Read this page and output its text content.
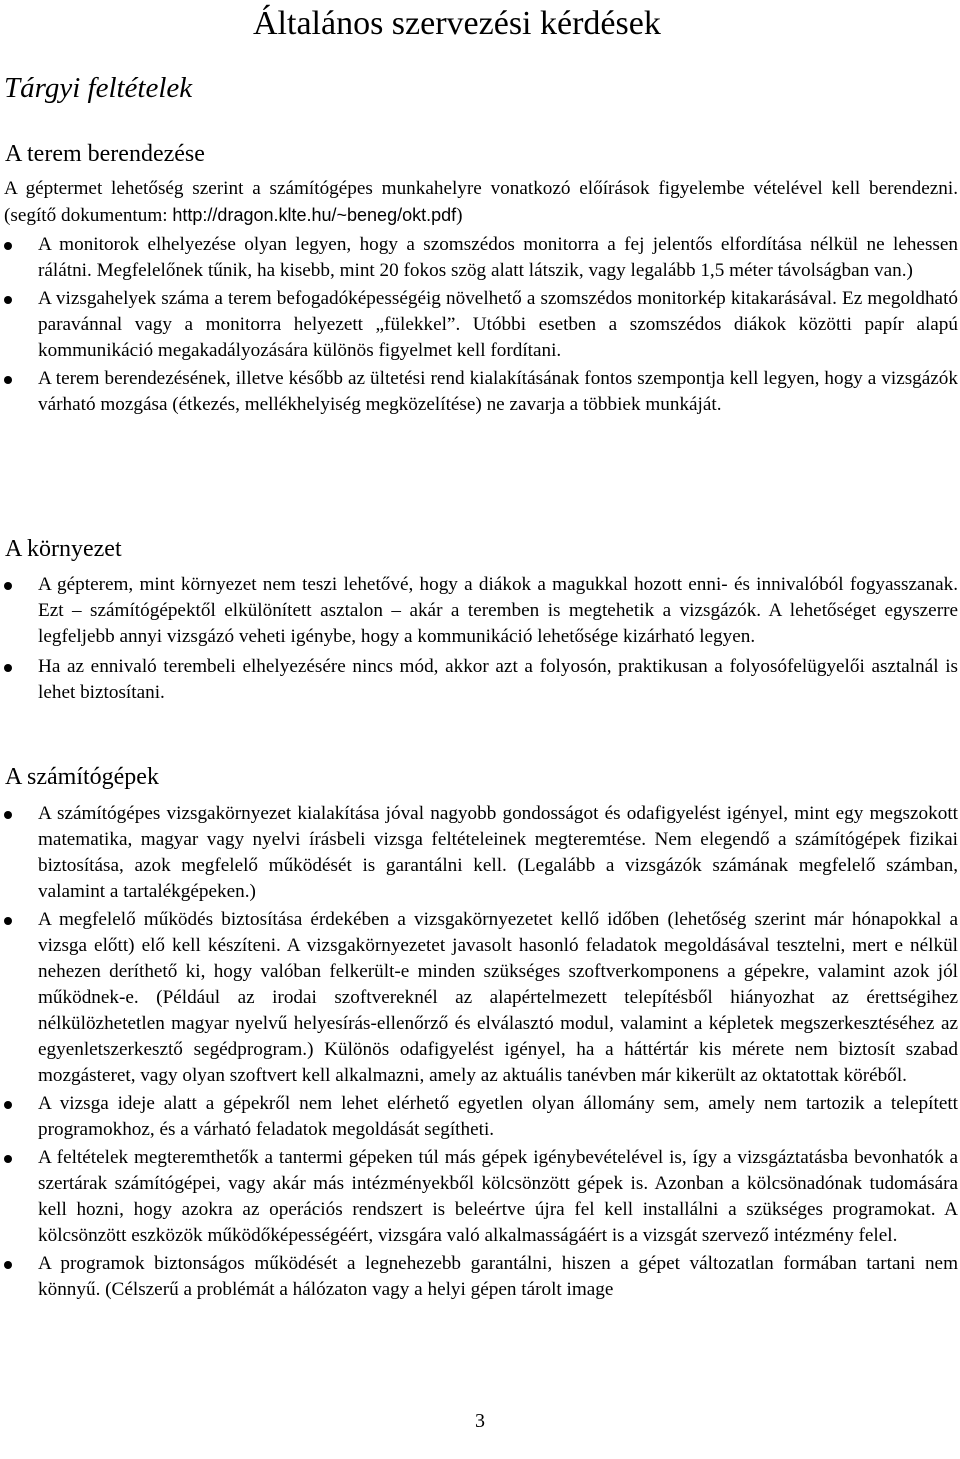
Általános szervezési kérdések
Tárgyi feltételek
A terem berendezése

A géptermet lehetőség szerint a számítógépes munkahelyre vonatkozó előírások figyelembe vételével kell berendezni. (segítő dokumentum: http://dragon.klte.hu/~beneg/okt.pdf)

A monitorok elhelyezése olyan legyen, hogy a szomszédos monitorra a fej jelentős elfordítása nélkül ne lehessen rálátni. Megfelelőnek tűnik, ha kisebb, mint 20 fokos szög alatt látszik, vagy legalább 1,5 méter távolságban van.)
A vizsgahelyek száma a terem befogadóképességéig növelhető a szomszédos monitorkép kitakarásával. Ez megoldható paravánnal vagy a monitorra helyezett „fülekkel”. Utóbbi esetben a szomszédos diákok közötti papír alapú kommunikáció megakadályozására különös figyelmet kell fordítani.
A terem berendezésének, illetve később az ültetési rend kialakításának fontos szempontja kell legyen, hogy a vizsgázók várható mozgása (étkezés, mellékhelyiség megközelítése) ne zavarja a többiek munkáját.
A környezet
A gépterem, mint környezet nem teszi lehetővé, hogy a diákok a magukkal hozott enni- és innivalóból fogyasszanak. Ezt – számítógépektől elkülönített asztalon – akár a teremben is megtehetik a vizsgázók. A lehetőséget egyszerre legfeljebb annyi vizsgázó veheti igénybe, hogy a kommunikáció lehetősége kizárható legyen.
Ha az ennivaló terembeli elhelyezésére nincs mód, akkor azt a folyosón, praktikusan a folyosófelügyelői asztalnál is lehet biztosítani.
A számítógépek
A számítógépes vizsgakörnyezet kialakítása jóval nagyobb gondosságot és odafigyelést igényel, mint egy megszokott matematika, magyar vagy nyelvi írásbeli vizsga feltételeinek megteremtése. Nem elegendő a számítógépek fizikai biztosítása, azok megfelelő működését is garantálni kell. (Legalább a vizsgázók számának megfelelő számban, valamint a tartalékgépeken.)
A megfelelő működés biztosítása érdekében a vizsgakörnyezetet kellő időben (lehetőség szerint már hónapokkal a vizsga előtt) elő kell készíteni. A vizsgakörnyezetet javasolt hasonló feladatok megoldásával tesztelni, mert e nélkül nehezen deríthető ki, hogy valóban felkerült-e minden szükséges szoftverkomponens a gépekre, valamint azok jól működnek-e. (Például az irodai szoftvereknél az alapértelmezett telepítésből hiányozhat az érettségihez nélkülözhetetlen magyar nyelvű helyesírás-ellenőrző és elválasztó modul, valamint a képletek megszerkesztéséhez az egyenletszerkesztő segédprogram.) Különös odafigyelést igényel, ha a háttértár kis mérete nem biztosít szabad mozgásteret, vagy olyan szoftvert kell alkalmazni, amely az aktuális tanévben már kikerült az oktatottak köréből.
A vizsga ideje alatt a gépekről nem lehet elérhető egyetlen olyan állomány sem, amely nem tartozik a telepített programokhoz, és a várható feladatok megoldását segítheti.
A feltételek megteremthetők a tantermi gépeken túl más gépek igénybevételével is, így a vizsgáztatásba bevonhatók a szertárak számítógépei, vagy akár más intézményekből kölcsönzött gépek is. Azonban a kölcsönadónak tudomására kell hozni, hogy azokra az operációs rendszert is beleértve újra fel kell installálni a szükséges programokat. A kölcsönzött eszközök működőképességéért, vizsgára való alkalmasságáért is a vizsgát szervező intézmény felel.
A programok biztonságos működését a legnehezebb garantálni, hiszen a gépet változatlan formában tartani nem könnyű. (Célszerű a problémát a hálózaton vagy a helyi gépen tárolt image
3
